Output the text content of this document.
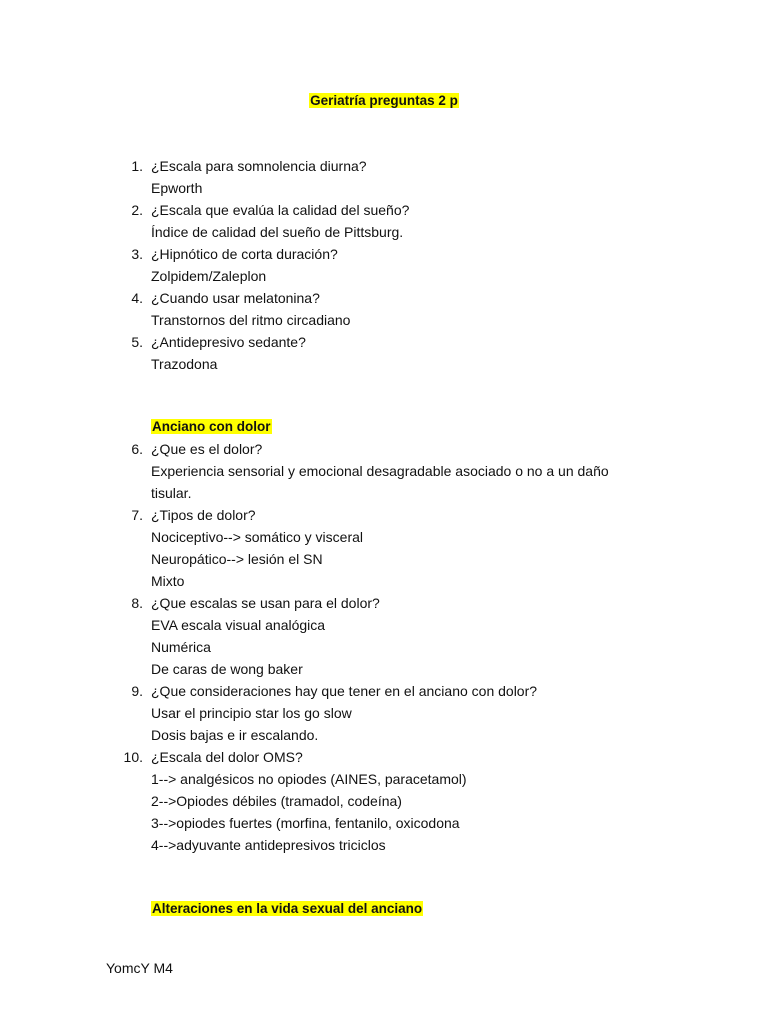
Geriatría preguntas 2 p
1. ¿Escala para somnolencia diurna?
Epworth
2. ¿Escala que evalúa la calidad del sueño?
Índice de calidad del sueño de Pittsburg.
3. ¿Hipnótico de corta duración?
Zolpidem/Zaleplon
4. ¿Cuando usar melatonina?
Transtornos del ritmo circadiano
5. ¿Antidepresivo sedante?
Trazodona
Anciano con dolor
6. ¿Que es el dolor?
Experiencia sensorial y emocional desagradable asociado o no a un daño tisular.
7. ¿Tipos de dolor?
Nociceptivo--> somático y visceral
Neuropático--> lesión el SN
Mixto
8. ¿Que escalas se usan para el dolor?
EVA escala visual analógica
Numérica
De caras de wong baker
9. ¿Que consideraciones hay que tener en el anciano con dolor?
Usar el principio star los go slow
Dosis bajas e ir escalando.
10. ¿Escala del dolor OMS?
1--> analgésicos no opiodes (AINES, paracetamol)
2-->Opiodes débiles (tramadol, codeína)
3-->opiodes fuertes (morfina, fentanilo, oxicodona
4-->adyuvante antidepresivos triciclos
Alteraciones en la vida sexual del anciano
YomcY M4
